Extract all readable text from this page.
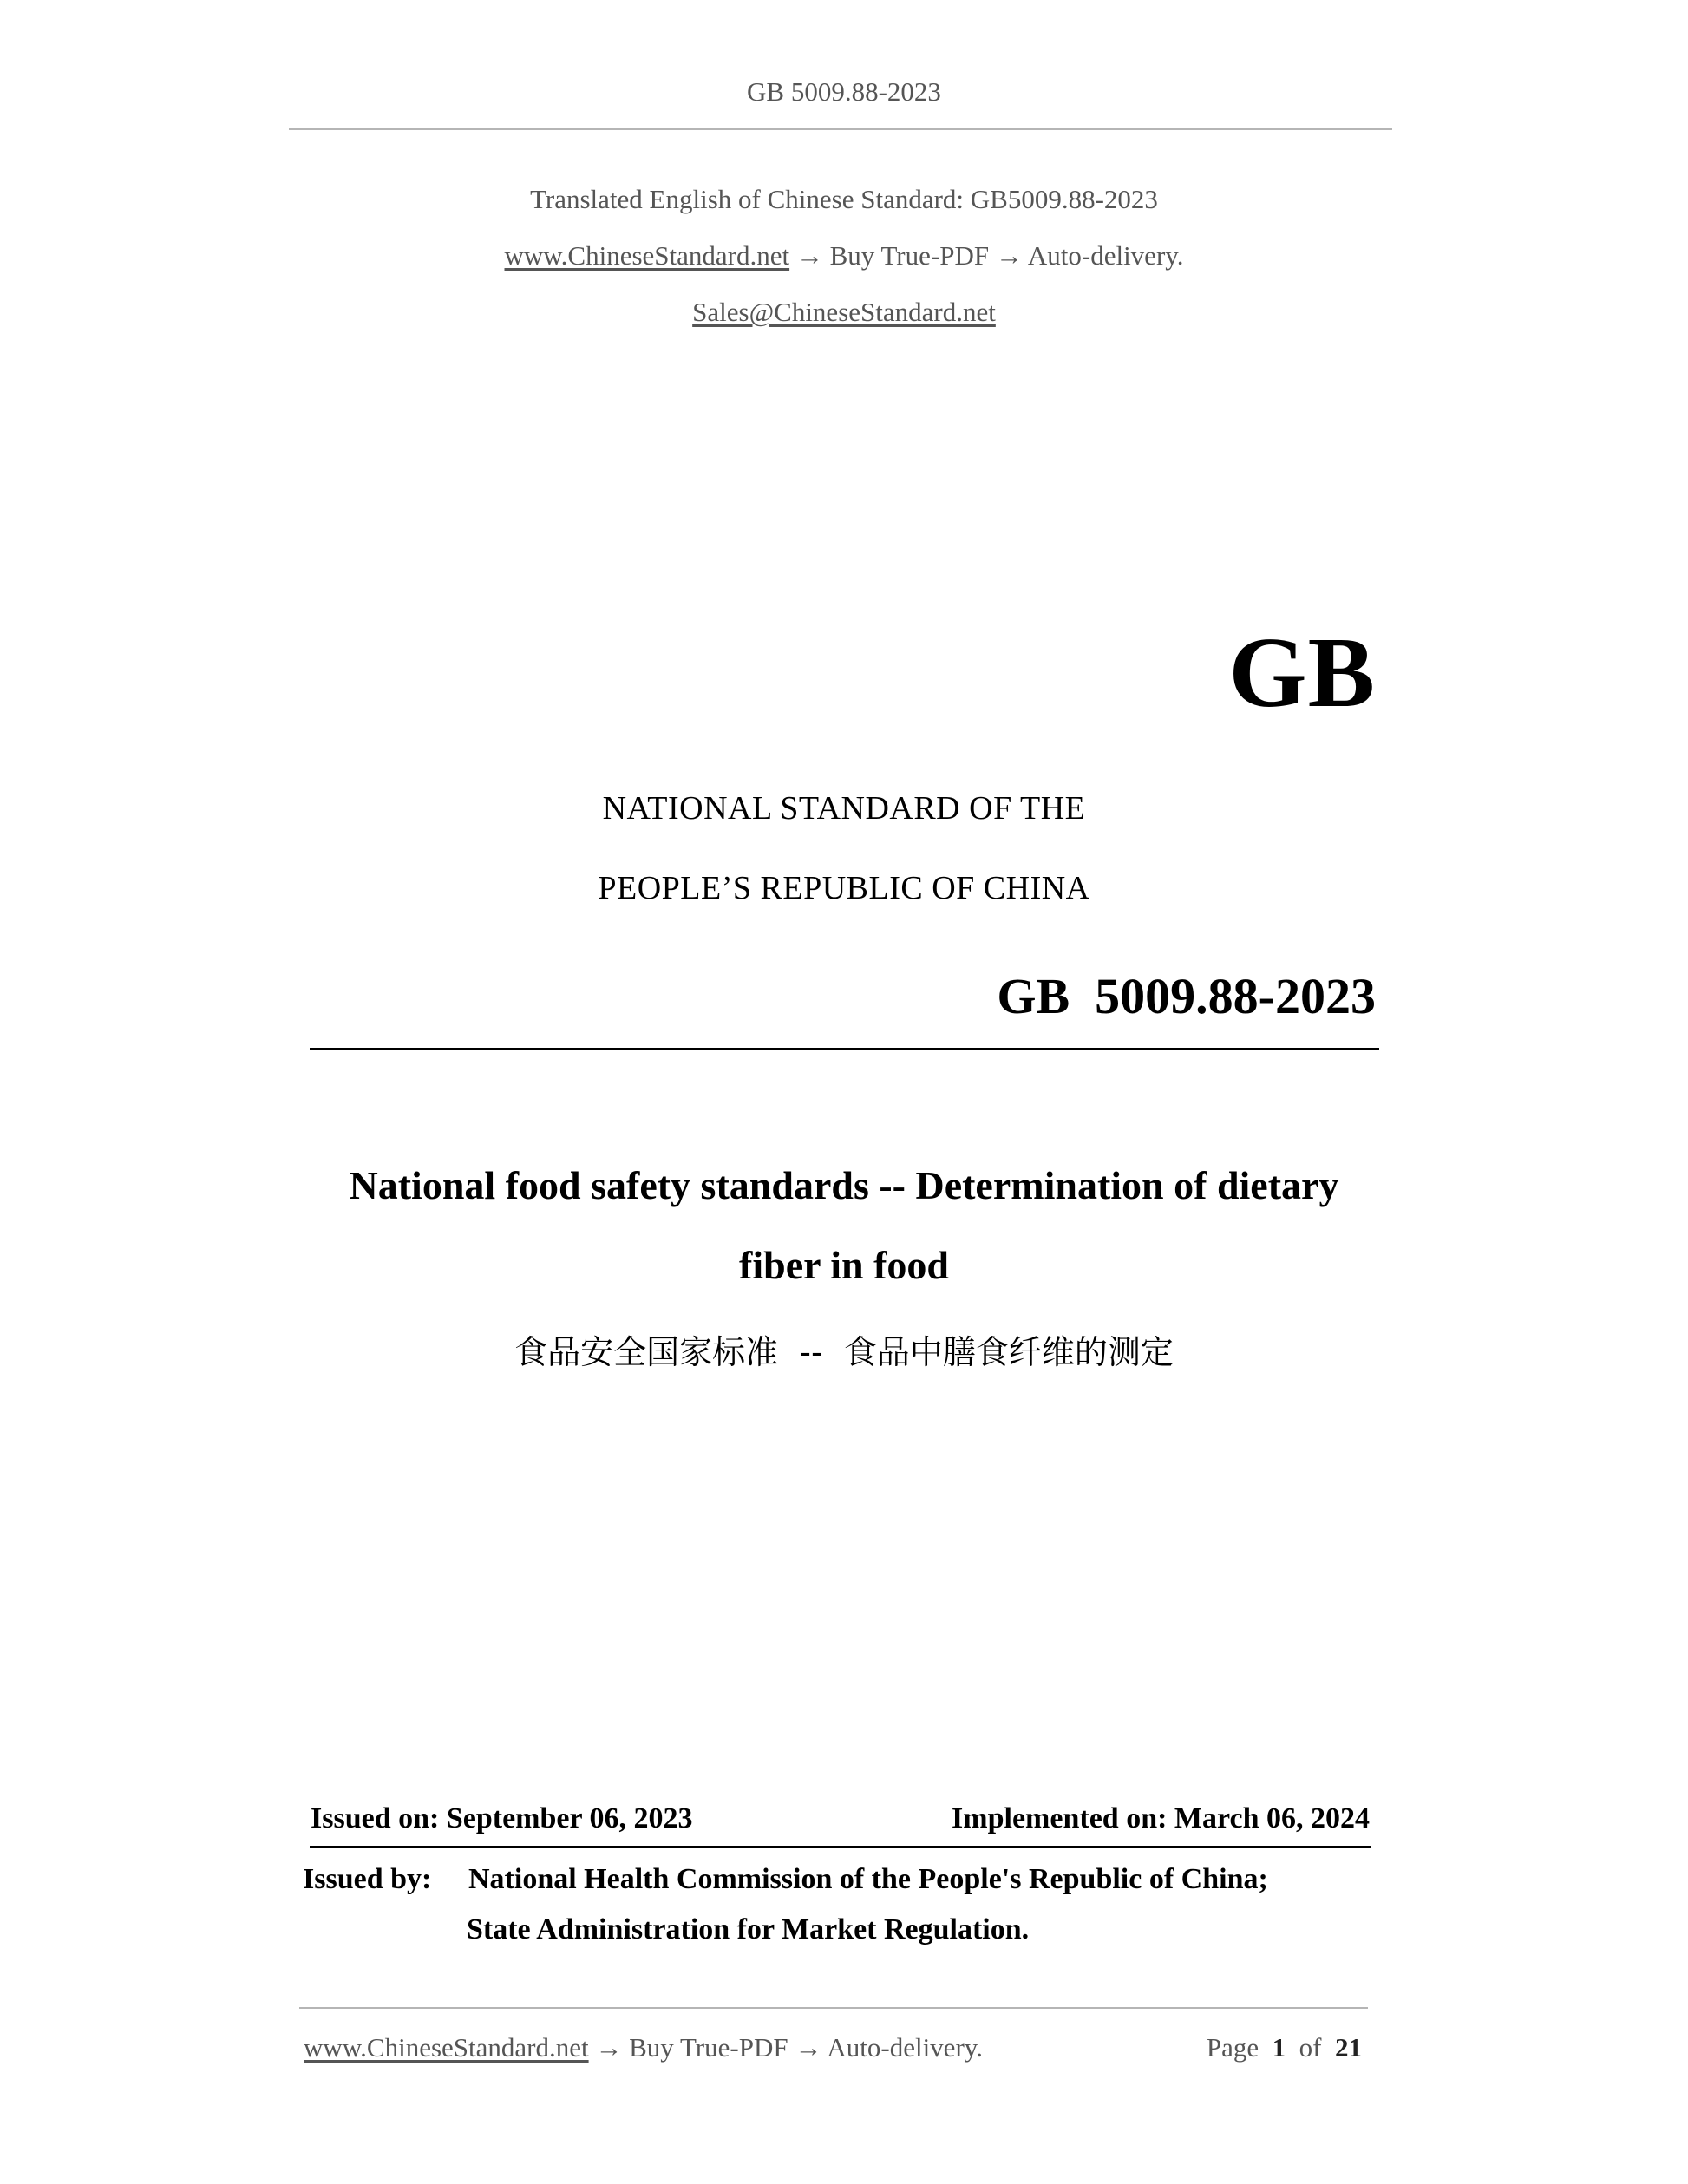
GB 5009.88-2023
Translated English of Chinese Standard: GB5009.88-2023
www.ChineseStandard.net → Buy True-PDF → Auto-delivery.
Sales@ChineseStandard.net
GB
NATIONAL STANDARD OF THE
PEOPLE’S REPUBLIC OF CHINA
GB  5009.88-2023
National food safety standards -- Determination of dietary
fiber in food
食品安全国家标准  --  食品中膳食纤维的测定
Issued on: September 06, 2023	Implemented on: March 06, 2024
Issued by: National Health Commission of the People's Republic of China;
State Administration for Market Regulation.
www.ChineseStandard.net → Buy True-PDF → Auto-delivery.	Page 1 of 21
